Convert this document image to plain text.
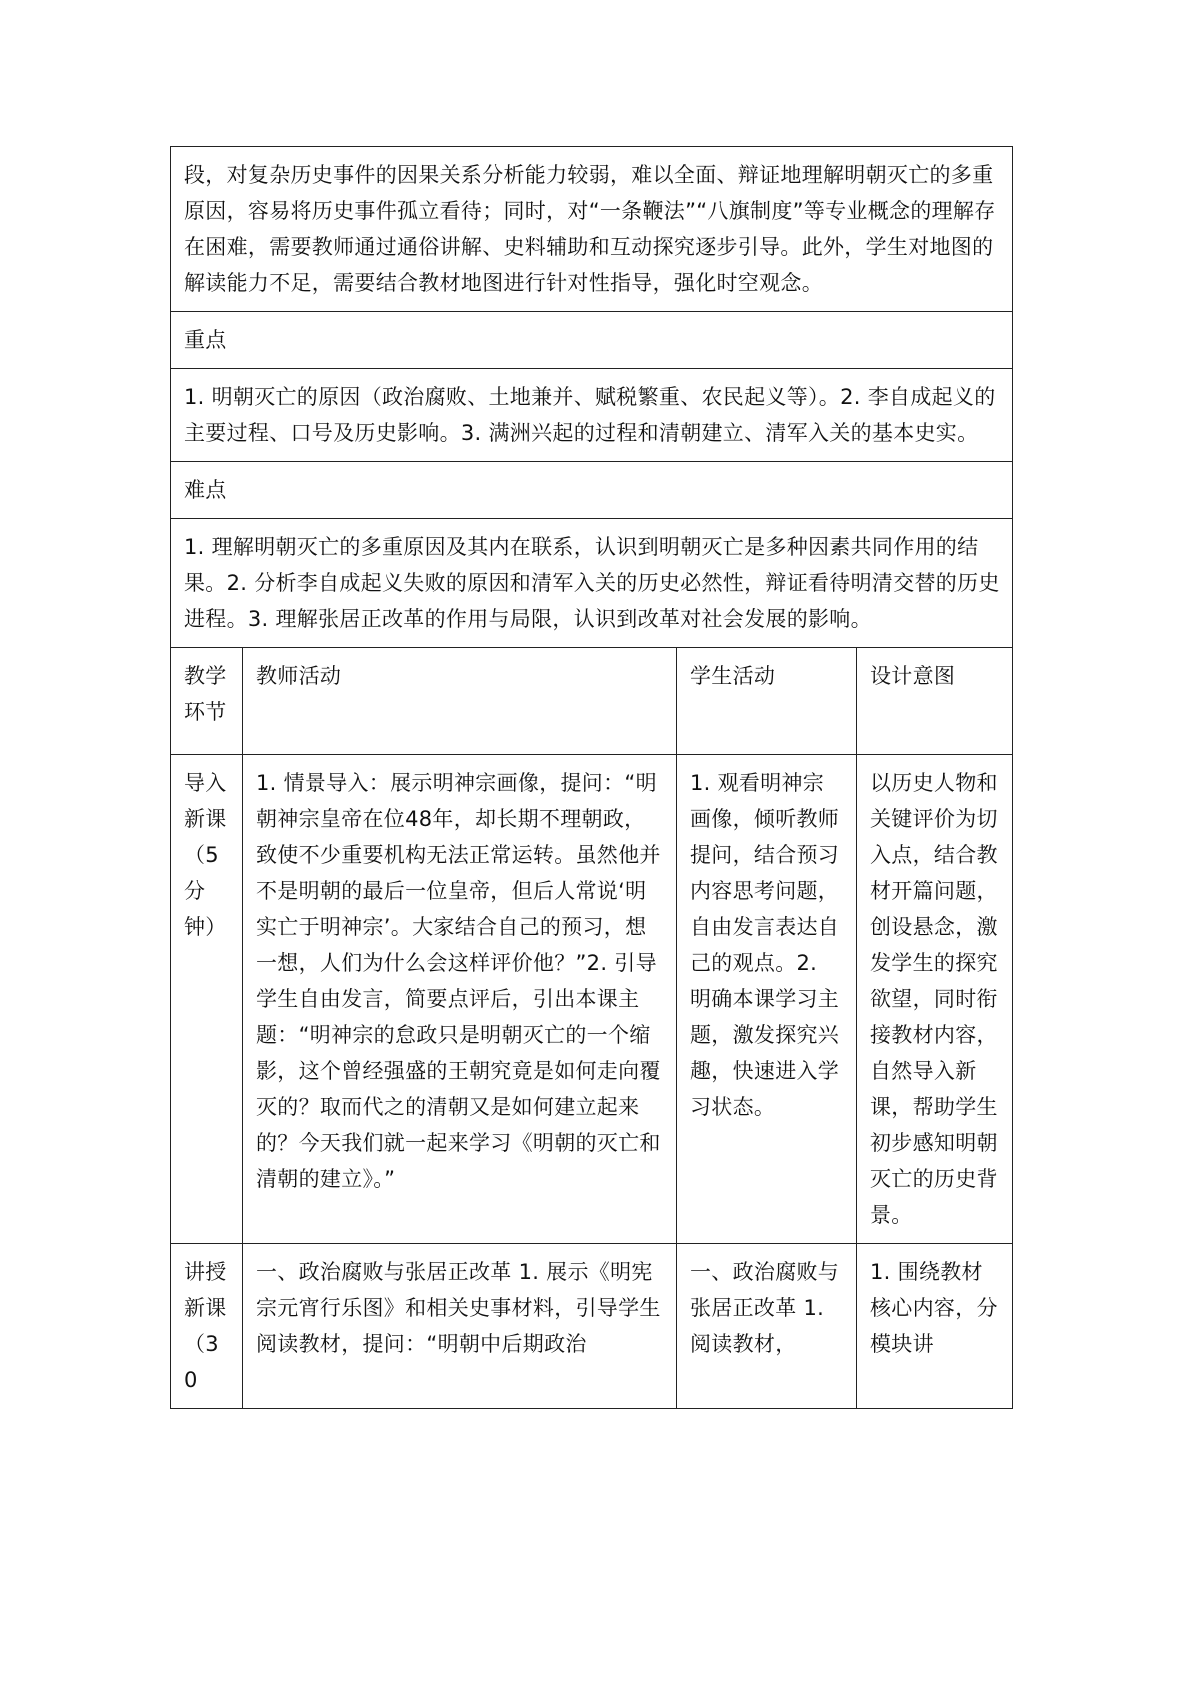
段，对复杂历史事件的因果关系分析能力较弱，难以全面、辩证地理解明朝灭亡的多重原因，容易将历史事件孤立看待；同时，对“一条鞭法”“八旗制度”等专业概念的理解存在困难，需要教师通过通俗讲解、史料辅助和互动探究逐步引导。此外，学生对地图的解读能力不足，需要结合教材地图进行针对性指导，强化时空观念。			

重点			

1. 明朝灭亡的原因（政治腐败、土地兼并、赋税繁重、农民起义等）。2. 李自成起义的主要过程、口号及历史影响。3. 满洲兴起的过程和清朝建立、清军入关的基本史实。			

难点			

1. 理解明朝灭亡的多重原因及其内在联系，认识到明朝灭亡是多种因素共同作用的结果。2. 分析李自成起义失败的原因和清军入关的历史必然性，辩证看待明清交替的历史进程。3. 理解张居正改革的作用与局限，认识到改革对社会发展的影响。			

教学环节	教师活动	学生活动	设计意图

导入新课（5分钟）	1. 情景导入：展示明神宗画像，提问：“明朝神宗皇帝在位48年，却长期不理朝政，致使不少重要机构无法正常运转。虽然他并不是明朝的最后一位皇帝，但后人常说‘明实亡于明神宗’。大家结合自己的预习，想一想，人们为什么会这样评价他？”2. 引导学生自由发言，简要点评后，引出本课主题：“明神宗的怠政只是明朝灭亡的一个缩影，这个曾经强盛的王朝究竟是如何走向覆灭的？取而代之的清朝又是如何建立起来的？今天我们就一起来学习《明朝的灭亡和清朝的建立》。”	1. 观看明神宗画像，倾听教师提问，结合预习内容思考问题，自由发言表达自己的观点。2. 明确本课学习主题，激发探究兴趣，快速进入学习状态。	以历史人物和关键评价为切入点，结合教材开篇问题，创设悬念，激发学生的探究欲望，同时衔接教材内容，自然导入新课，帮助学生初步感知明朝灭亡的历史背景。

讲授新课（30	一、政治腐败与张居正改革 1. 展示《明宪宗元宵行乐图》和相关史事材料，引导学生阅读教材，提问：“明朝中后期政治	一、政治腐败与张居正改革 1. 阅读教材，	1. 围绕教材核心内容，分模块讲
